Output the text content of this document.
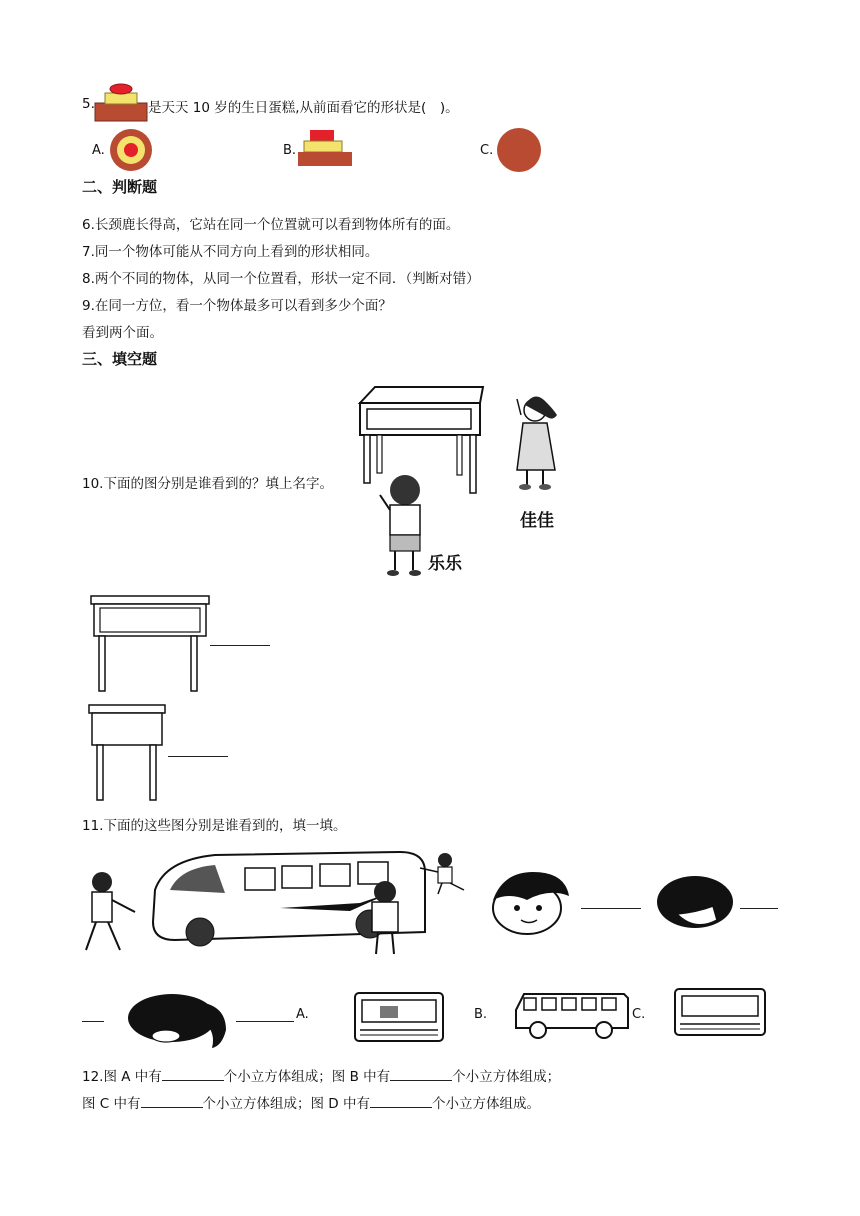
5.	是天天 10 岁的生日蛋糕,从前面看它的形状是(　)。
A.	B.	C.
二、判断题
6.长颈鹿长得高，它站在同一个位置就可以看到物体所有的面。
7.同一个物体可能从不同方向上看到的形状相同。
8.两个不同的物体，从同一个位置看，形状一定不同．（判断对错）
9.在同一方位，看一个物体最多可以看到多少个面？
看到两个面。
三、填空题
佳佳
乐乐
10.下面的图分别是谁看到的？填上名字。
11.下面的这些图分别是谁看到的，填一填。
A.	B.	C.
12.图 A 中有	个小立方体组成；图 B 中有	个小立方体组成；
图 C 中有	个小立方体组成；图 D 中有	个小立方体组成。
